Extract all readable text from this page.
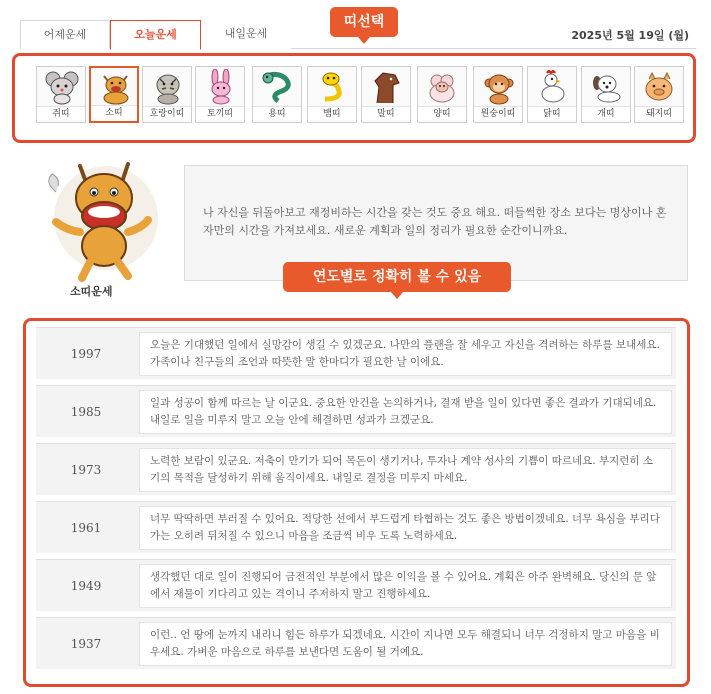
어제운세	오늘운세	내일운세	2025년 5월 19일 (월)
쥐띠	소띠	호랑이띠	토끼띠	용띠	뱀띠	말띠	양띠	원숭이띠	닭띠	개띠	돼지띠
띠선택
소띠운세

나 자신을 뒤돌아보고 재정비하는 시간을 갖는 것도 중요 해요. 떠들썩한 장소 보다는 명상이나 혼자만의 시간을 가져보세요. 새로운 계획과 일의 정리가 필요한 순간이니까요.

연도별로 정확히 볼 수 있음
1997
오늘은 기대했던 일에서 실망감이 생길 수 있겠군요. 나만의 플랜을 잘 세우고 자신을 격려하는 하루를 보내세요. 가족이나 친구들의 조언과 따뜻한 말 한마디가 필요한 날 이에요.
1985
일과 성공이 함께 따르는 날 이군요. 중요한 안건을 논의하거나, 결재 받을 일이 있다면 좋은 결과가 기대되네요. 내일로 일을 미루지 말고 오늘 안에 해결하면 성과가 크겠군요.
1973
노력한 보람이 있군요. 저축이 만기가 되어 목돈이 생기거나, 투자나 계약 성사의 기쁨이 따르네요. 부지런히 소기의 목적을 달성하기 위해 움직이세요. 내일로 결정을 미루지 마세요.
1961
너무 딱딱하면 부러질 수 있어요. 적당한 선에서 부드럽게 타협하는 것도 좋은 방법이겠네요. 너무 욕심을 부리다가는 오히려 뒤처질 수 있으니 마음을 조금씩 비우 도록 노력하세요.
1949
생각했던 대로 일이 진행되어 금전적인 부분에서 많은 이익을 볼 수 있어요. 계획은 아주 완벽해요. 당신의 문 앞에서 재물이 기다리고 있는 격이니 주저하지 말고 진행하세요.
1937
이런.. 언 땅에 눈까지 내리니 힘든 하루가 되겠네요. 시간이 지나면 모두 해결되니 너무 걱정하지 말고 마음을 비우세요. 가벼운 마음으로 하루를 보낸다면 도움이 될 거예요.
